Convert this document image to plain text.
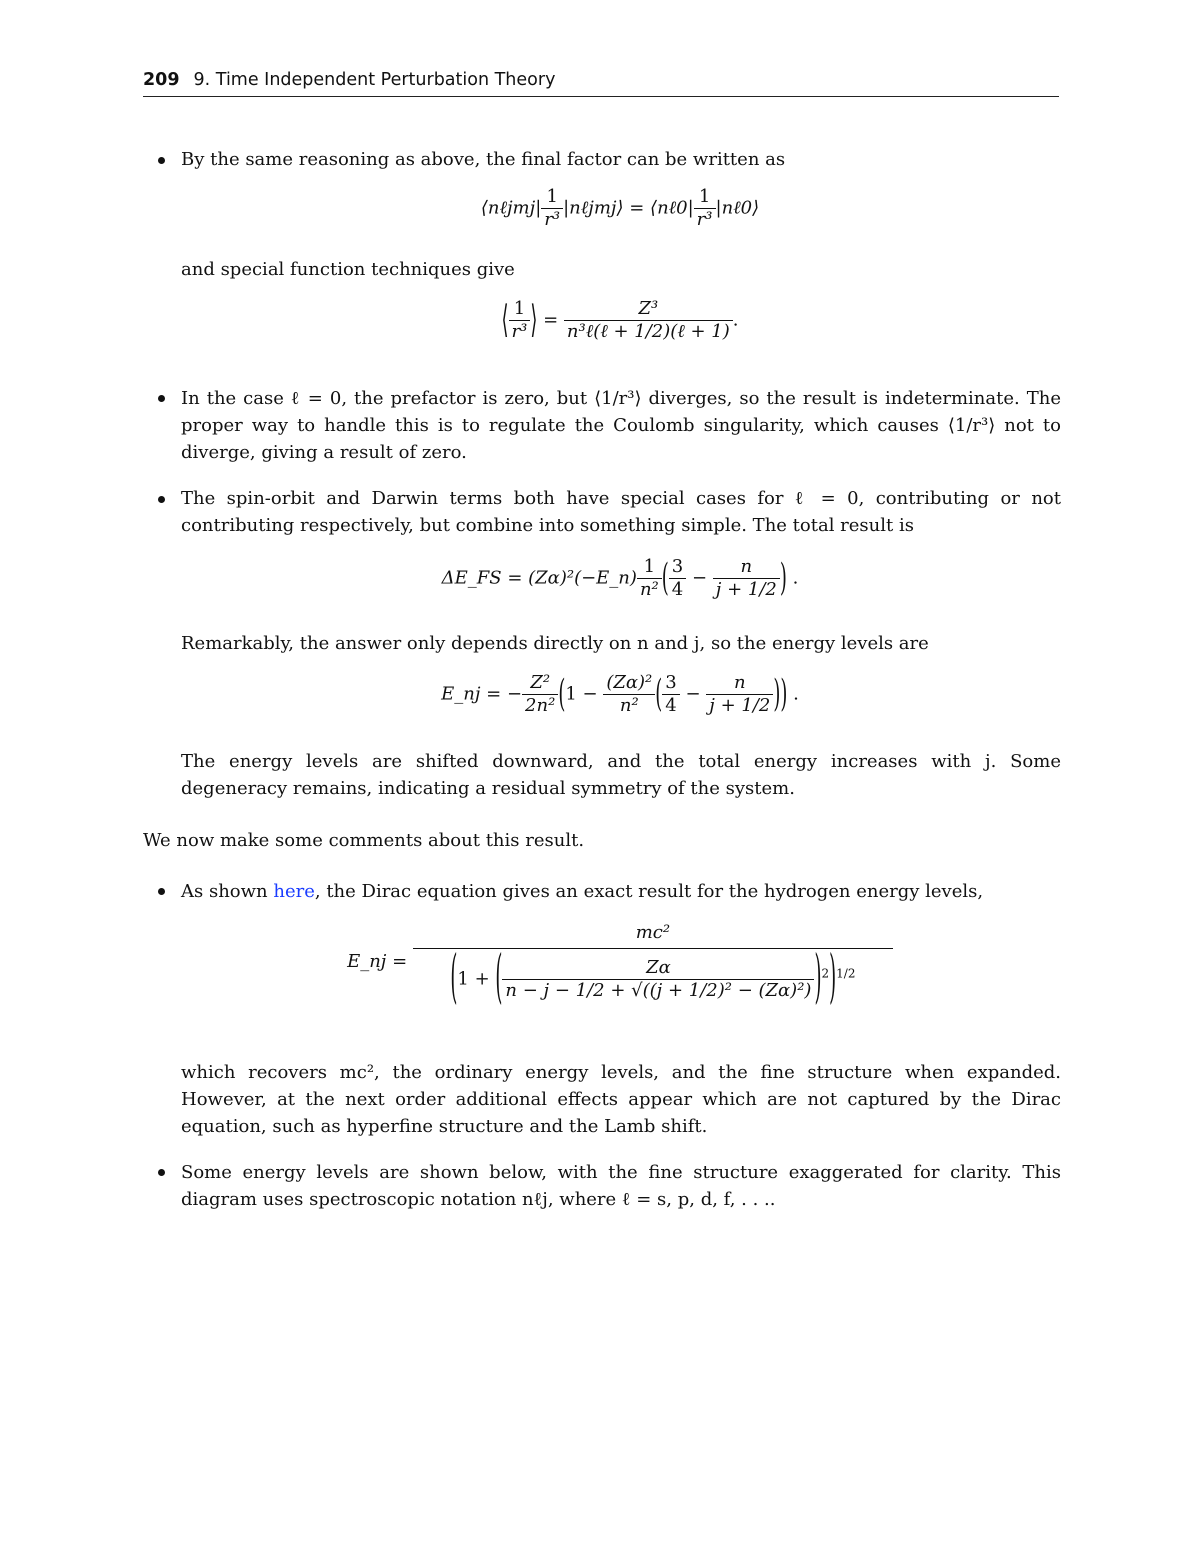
209 9. Time Independent Perturbation Theory
By the same reasoning as above, the final factor can be written as
⟨nℓjmj| $\frac{1}{\text{r³}}$ |nℓjmj⟩ = ⟨nℓ0| $\frac{1}{\text{r³}}$ |nℓ0⟩
and special function techniques give
⟨ $\frac{1}{\text{r³}}$ ⟩ = $\frac{\text{Z³}}{\text{n³ℓ(ℓ + 1/2)(ℓ + 1)}}$ .
In the case ℓ = 0, the prefactor is zero, but ⟨1/r³⟩ diverges, so the result is indeterminate. The proper way to handle this is to regulate the Coulomb singularity, which causes ⟨1/r³⟩ not to diverge, giving a result of zero.
The spin-orbit and Darwin terms both have special cases for ℓ = 0, contributing or not contributing respectively, but combine into something simple. The total result is
ΔE_FS = (Zα)²(−E_n) $\frac{1}{\text{n²}}$ ( $\frac{3}{4} - \frac{n}{j + 1/2}$ ) .
Remarkably, the answer only depends directly on n and j, so the energy levels are
E_nj = − $\frac{\text{Z²}}{\text{2n²}} (1 - \frac{\text{(Zα)²}}{\text{n²}}$ ( $\frac{3}{4} - \frac{n}{j + 1/2}$ )) .
The energy levels are shifted downward, and the total energy increases with j. Some degeneracy remains, indicating a residual symmetry of the system.
We now make some comments about this result.
As shown here, the Dirac equation gives an exact result for the hydrogen energy levels,
E_nj = $\frac{\text{mc²}}{(1 + ( \frac{Z\alpha}{\text{n − j − 1/2 + √((j + 1/2)² − (Zα)²)}} )^2)^{1/2}}$
which recovers mc², the ordinary energy levels, and the fine structure when expanded. However, at the next order additional effects appear which are not captured by the Dirac equation, such as hyperfine structure and the Lamb shift.
Some energy levels are shown below, with the fine structure exaggerated for clarity. This diagram uses spectroscopic notation nℓj, where ℓ = s, p, d, f, . . ..
